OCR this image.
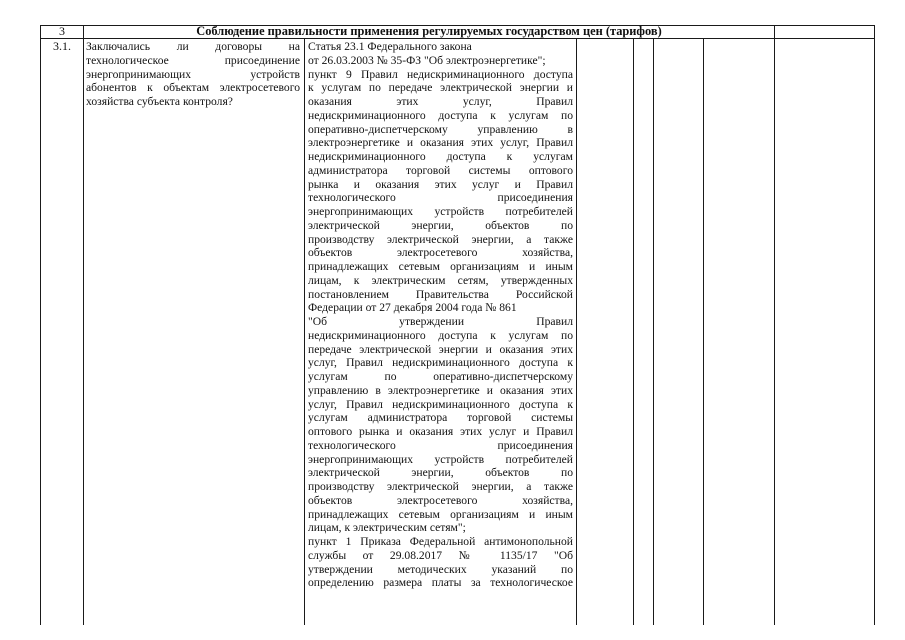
3	Соблюдение правильности применения регулируемых государством цен (тарифов)
3.1.	Заключались ли договоры на
технологическое присоединение
энергопринимающих устройств
абонентов к объектам электросетевого
хозяйства субъекта контроля?
Статья 23.1 Федерального закона
от 26.03.2003 № 35-ФЗ "Об электроэнергетике";
пункт 9 Правил недискриминационного доступа
к услугам по передаче электрической энергии и
оказания этих услуг, Правил
недискриминационного доступа к услугам по
оперативно-диспетчерскому управлению в
электроэнергетике и оказания этих услуг, Правил
недискриминационного доступа к услугам
администратора торговой системы оптового
рынка и оказания этих услуг и Правил
технологического присоединения
энергопринимающих устройств потребителей
электрической энергии, объектов по
производству электрической энергии, а также
объектов электросетевого хозяйства,
принадлежащих сетевым организациям и иным
лицам, к электрическим сетям, утвержденных
постановлением Правительства Российской
Федерации от 27 декабря 2004 года № 861
"Об утверждении Правил
недискриминационного доступа к услугам по
передаче электрической энергии и оказания этих
услуг, Правил недискриминационного доступа к
услугам по оперативно-диспетчерскому
управлению в электроэнергетике и оказания этих
услуг, Правил недискриминационного доступа к
услугам администратора торговой системы
оптового рынка и оказания этих услуг и Правил
технологического присоединения
энергопринимающих устройств потребителей
электрической энергии, объектов по
производству электрической энергии, а также
объектов электросетевого хозяйства,
принадлежащих сетевым организациям и иным
лицам, к электрическим сетям";
пункт 1 Приказа Федеральной антимонопольной
службы от 29.08.2017 № 1135/17 "Об
утверждении методических указаний по
определению размера платы за технологическое
